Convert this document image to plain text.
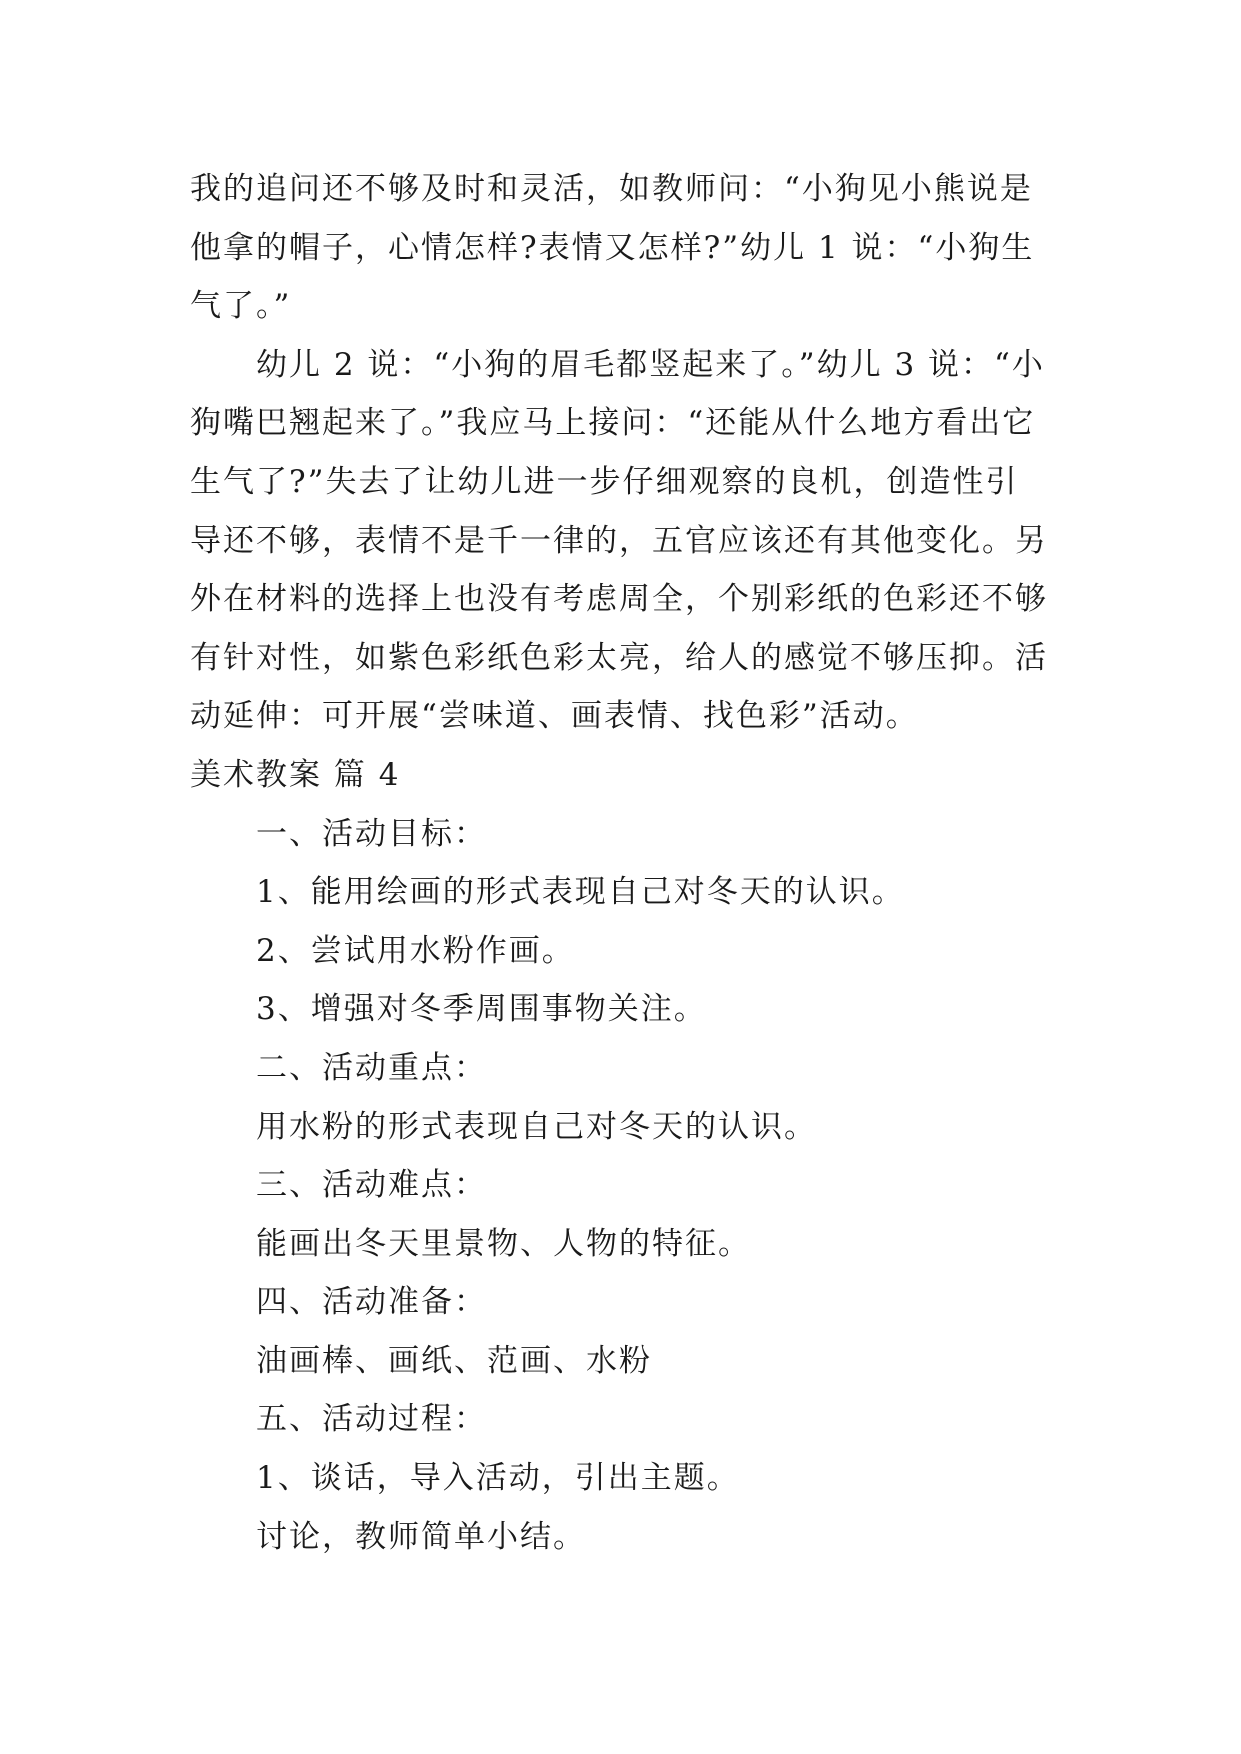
我的追问还不够及时和灵活，如教师问：“小狗见小熊说是
他拿的帽子，心情怎样?表情又怎样?”幼儿 1 说：“小狗生
气了。”
幼儿 2 说：“小狗的眉毛都竖起来了。”幼儿 3 说：“小
狗嘴巴翘起来了。”我应马上接问：“还能从什么地方看出它
生气了?”失去了让幼儿进一步仔细观察的良机，创造性引
导还不够，表情不是千一律的，五官应该还有其他变化。另
外在材料的选择上也没有考虑周全，个别彩纸的色彩还不够
有针对性，如紫色彩纸色彩太亮，给人的感觉不够压抑。活
动延伸：可开展“尝味道、画表情、找色彩”活动。
美术教案 篇 4
一、活动目标：
1、能用绘画的形式表现自己对冬天的认识。
2、尝试用水粉作画。
3、增强对冬季周围事物关注。
二、活动重点：
用水粉的形式表现自己对冬天的认识。
三、活动难点：
能画出冬天里景物、人物的特征。
四、活动准备：
油画棒、画纸、范画、水粉
五、活动过程：
1、谈话，导入活动，引出主题。
讨论，教师简单小结。
